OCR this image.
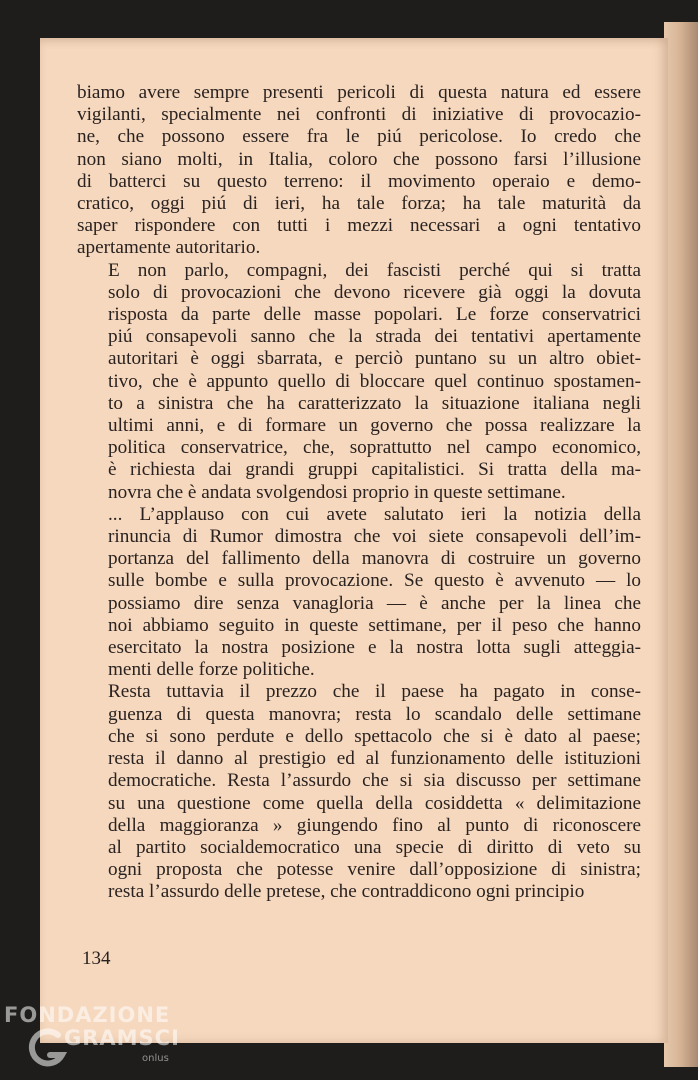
biamo avere sempre presenti pericoli di questa natura ed essere
vigilanti, specialmente nei confronti di iniziative di provocazio-
ne, che possono essere fra le piú pericolose. Io credo che
non siano molti, in Italia, coloro che possono farsi l’illusione
di batterci su questo terreno: il movimento operaio e demo-
cratico, oggi piú di ieri, ha tale forza; ha tale maturità da
saper rispondere con tutti i mezzi necessari a ogni tentativo
apertamente autoritario.

E non parlo, compagni, dei fascisti perché qui si tratta
solo di provocazioni che devono ricevere già oggi la dovuta
risposta da parte delle masse popolari. Le forze conservatrici
piú consapevoli sanno che la strada dei tentativi apertamente
autoritari è oggi sbarrata, e perciò puntano su un altro obiet-
tivo, che è appunto quello di bloccare quel continuo spostamen-
to a sinistra che ha caratterizzato la situazione italiana negli
ultimi anni, e di formare un governo che possa realizzare la
politica conservatrice, che, soprattutto nel campo economico,
è richiesta dai grandi gruppi capitalistici. Si tratta della ma-
novra che è andata svolgendosi proprio in queste settimane.

... L’applauso con cui avete salutato ieri la notizia della
rinuncia di Rumor dimostra che voi siete consapevoli dell’im-
portanza del fallimento della manovra di costruire un governo
sulle bombe e sulla provocazione. Se questo è avvenuto — lo
possiamo dire senza vanagloria — è anche per la linea che
noi abbiamo seguito in queste settimane, per il peso che hanno
esercitato la nostra posizione e la nostra lotta sugli atteggia-
menti delle forze politiche.

Resta tuttavia il prezzo che il paese ha pagato in conse-
guenza di questa manovra; resta lo scandalo delle settimane
che si sono perdute e dello spettacolo che si è dato al paese;
resta il danno al prestigio ed al funzionamento delle istituzioni
democratiche. Resta l’assurdo che si sia discusso per settimane
su una questione come quella della cosiddetta « delimitazione
della maggioranza » giungendo fino al punto di riconoscere
al partito socialdemocratico una specie di diritto di veto su
ogni proposta che potesse venire dall’opposizione di sinistra;
resta l’assurdo delle pretese, che contraddicono ogni principio

134
FONDAZIONE
GRAMSCI
onlus
